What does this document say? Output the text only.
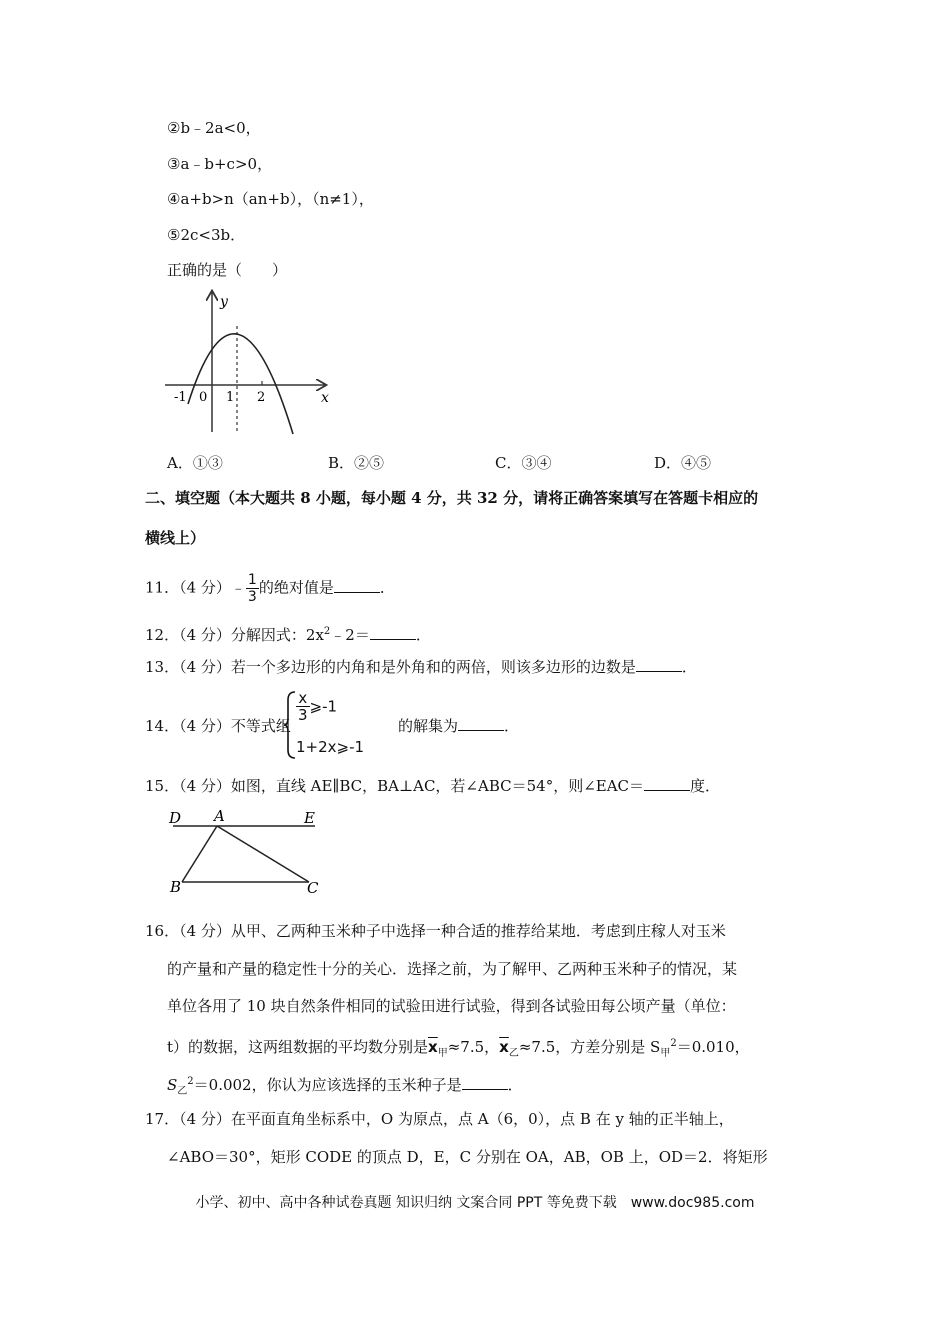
②b﹣2a<0，
③a﹣b+c>0，
④a+b>n（an+b），（n≠1），
⑤2c<3b．
正确的是（　　）
y
x
-1 0 1 2
A．①③	B．②⑤	C．③④	D．④⑤
二、填空题（本大题共 8 小题，每小题 4 分，共 32 分，请将正确答案填写在答题卡相应的
横线上）
11．（4 分）﹣ $\frac{1}{3}$ 的绝对值是	．
12．（4 分）分解因式：$2x^2﹣2=$	．
13．（4 分）若一个多边形的内角和是外角和的两倍，则该多边形的边数是	．
14．（4 分）不等式组
$\frac{x}{3}$ ⩾-1
1+2x⩾-1
的解集为	．
15．（4 分）如图，直线 AE∥BC，BA⊥AC，若∠ABC＝54°，则∠EAC＝	度．
D A	E
B	C
16．（4 分）从甲、乙两种玉米种子中选择一种合适的推荐给某地．考虑到庄稼人对玉米
的产量和产量的稳定性十分的关心．选择之前，为了解甲、乙两种玉米种子的情况，某
单位各用了 10 块自然条件相同的试验田进行试验，得到各试验田每公顷产量（单位：
t）的数据，这两组数据的平均数分别是$\overline{x}_甲\approx 7.5$，$\overline{x}_乙\approx 7.5$，方差分别是 $S_甲^2=0.010$，
$S_乙^2=0.002$，你认为应该选择的玉米种子是	．
17．（4 分）在平面直角坐标系中，O 为原点，点 A（6，0），点 B 在 y 轴的正半轴上，
∠ABO＝30°，矩形 CODE 的顶点 D，E，C 分别在 OA，AB，OB 上，OD＝2．将矩形
小学、初中、高中各种试卷真题 知识归纳 文案合同 PPT 等免费下载　www.doc985.com
